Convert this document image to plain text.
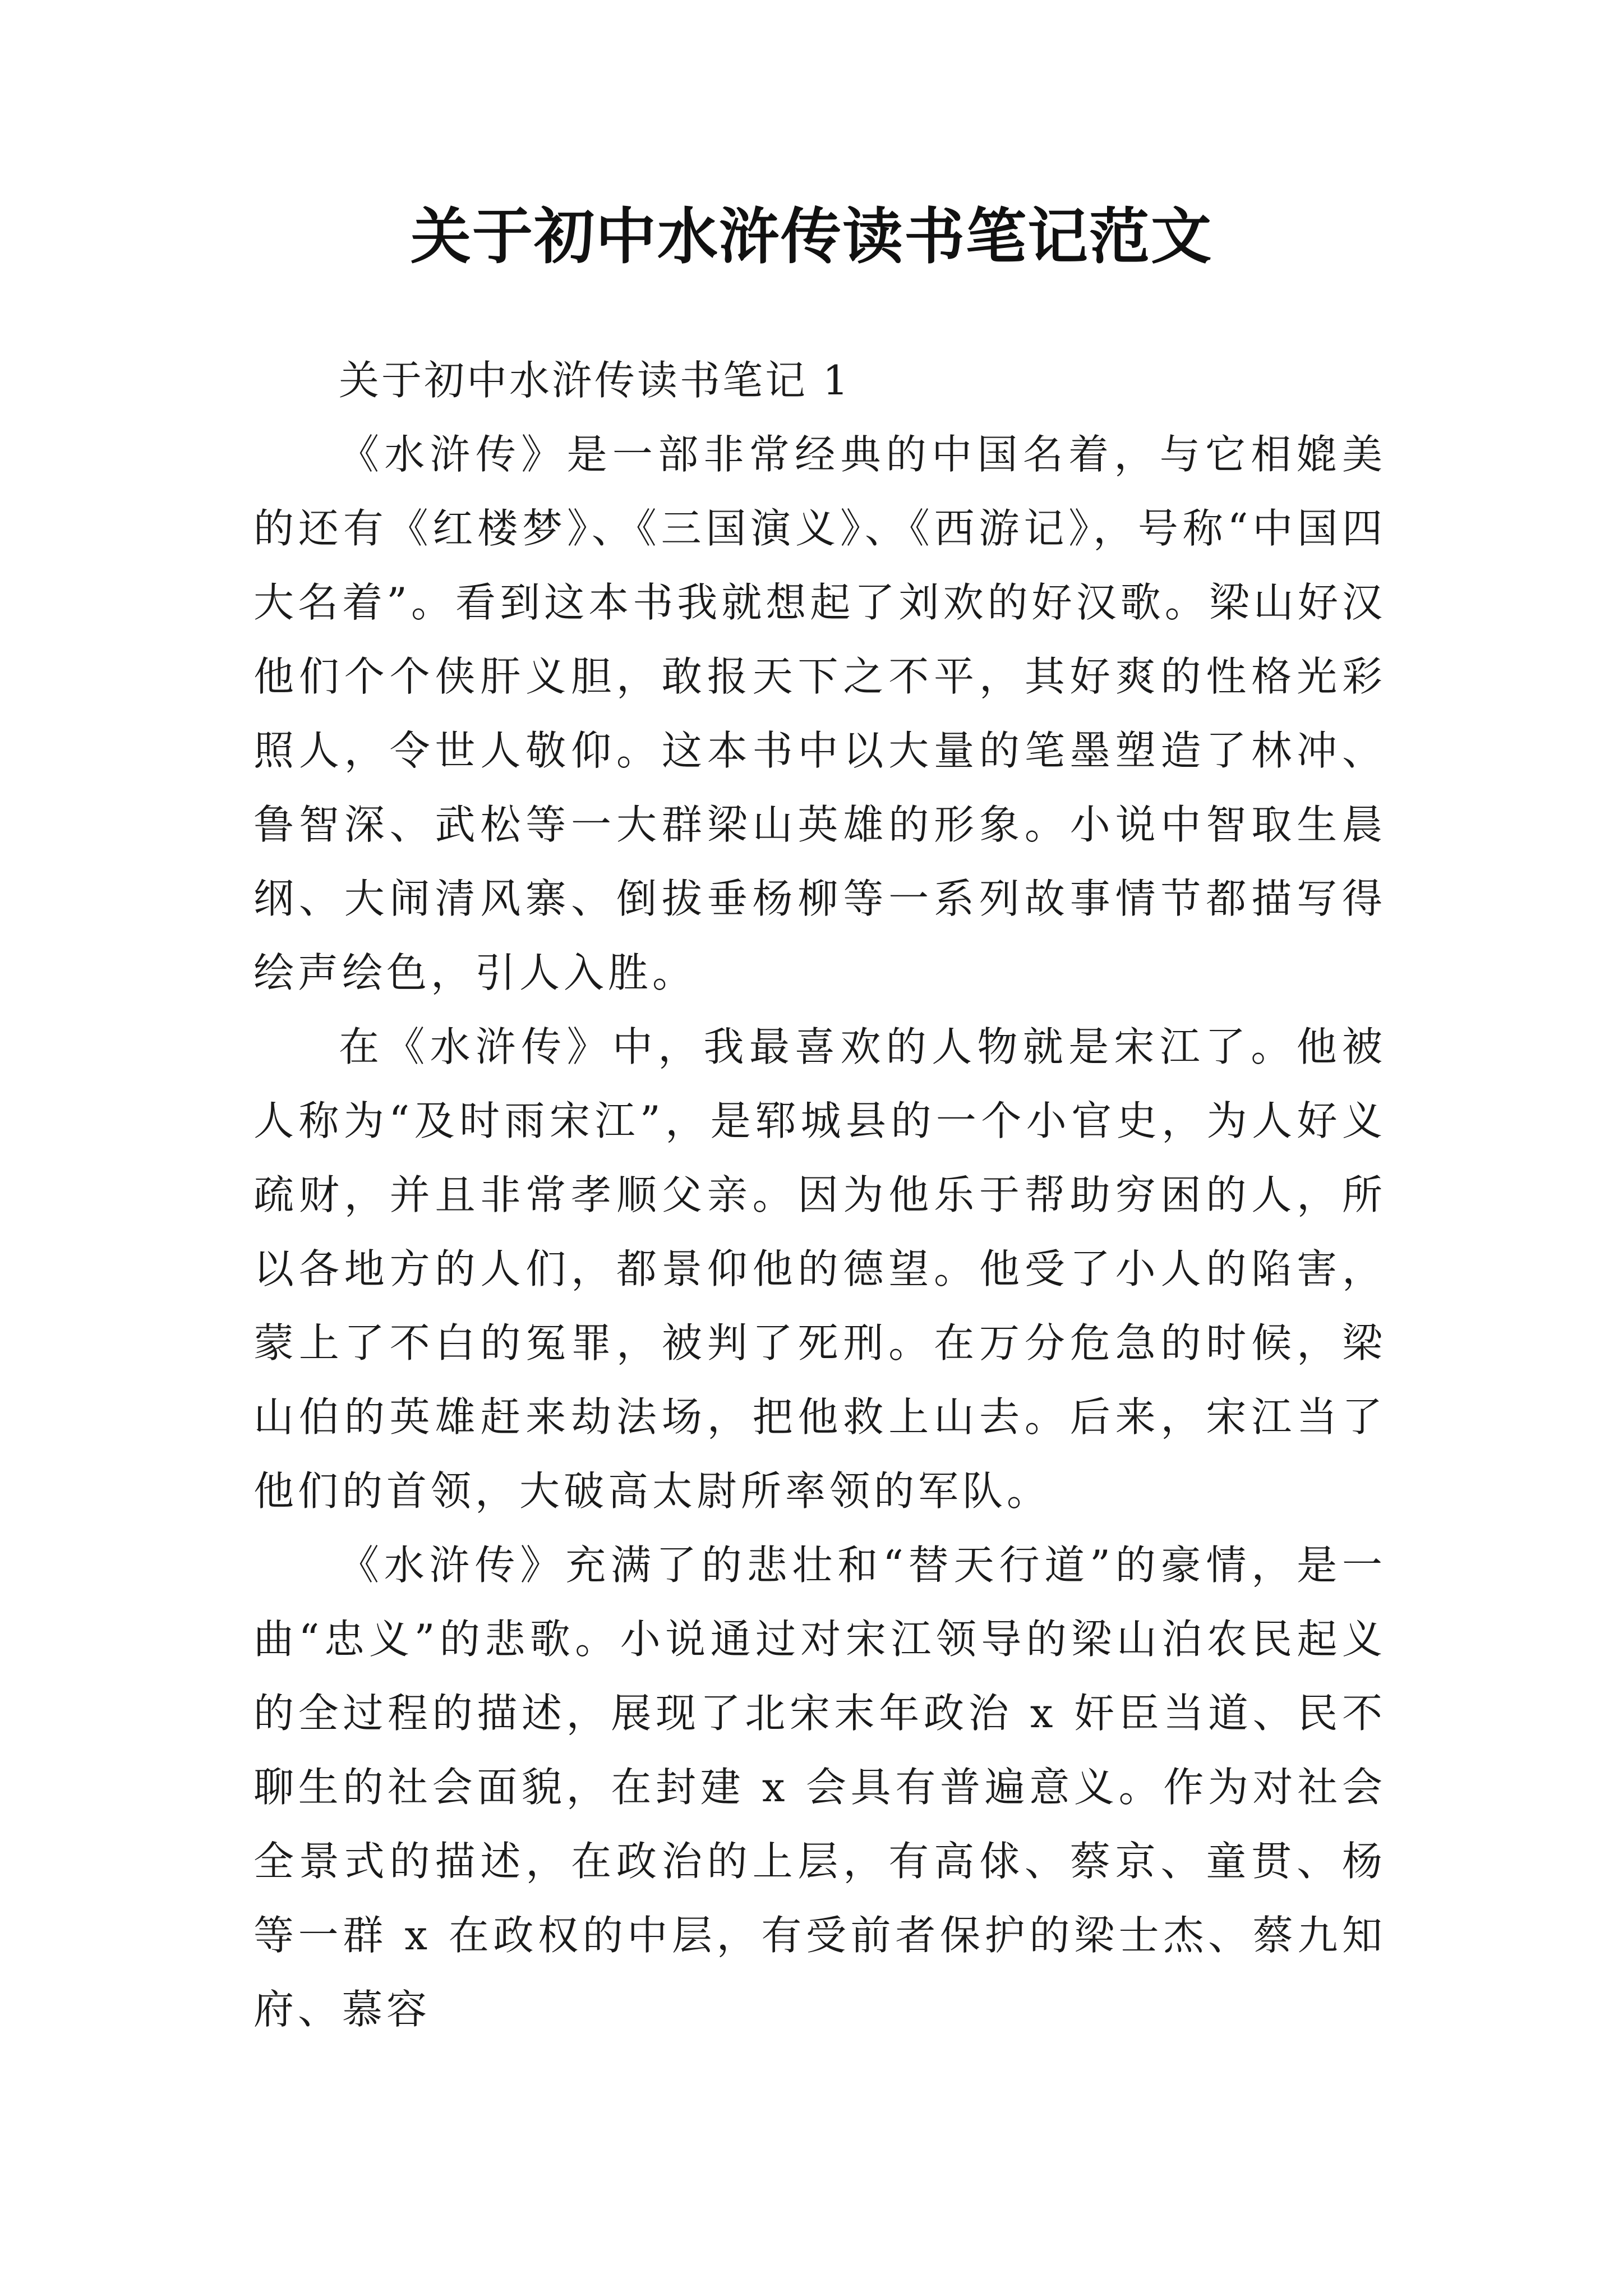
关于初中水浒传读书笔记范文

关于初中水浒传读书笔记 1

《水浒传》是一部非常经典的中国名着，与它相媲美的还有《红楼梦》、《三国演义》、《西游记》，号称“中国四大名着”。看到这本书我就想起了刘欢的好汉歌。梁山好汉他们个个侠肝义胆，敢报天下之不平，其好爽的性格光彩照人，令世人敬仰。这本书中以大量的笔墨塑造了林冲、鲁智深、武松等一大群梁山英雄的形象。小说中智取生晨纲、大闹清风寨、倒拔垂杨柳等一系列故事情节都描写得绘声绘色，引人入胜。

在《水浒传》中，我最喜欢的人物就是宋江了。他被人称为“及时雨宋江”，是郓城县的一个小官史，为人好义疏财，并且非常孝顺父亲。因为他乐于帮助穷困的人，所以各地方的人们，都景仰他的德望。他受了小人的陷害，蒙上了不白的冤罪，被判了死刑。在万分危急的时候，梁山伯的英雄赶来劫法场，把他救上山去。后来，宋江当了他们的首领，大破高太尉所率领的军队。

《水浒传》充满了的悲壮和“替天行道”的豪情，是一曲“忠义”的悲歌。小说通过对宋江领导的梁山泊农民起义的全过程的描述，展现了北宋末年政治 x 奸臣当道、民不聊生的社会面貌，在封建 x 会具有普遍意义。作为对社会全景式的描述，在政治的上层，有高俅、蔡京、童贯、杨等一群 x 在政权的中层，有受前者保护的梁士杰、蔡九知府、慕容
